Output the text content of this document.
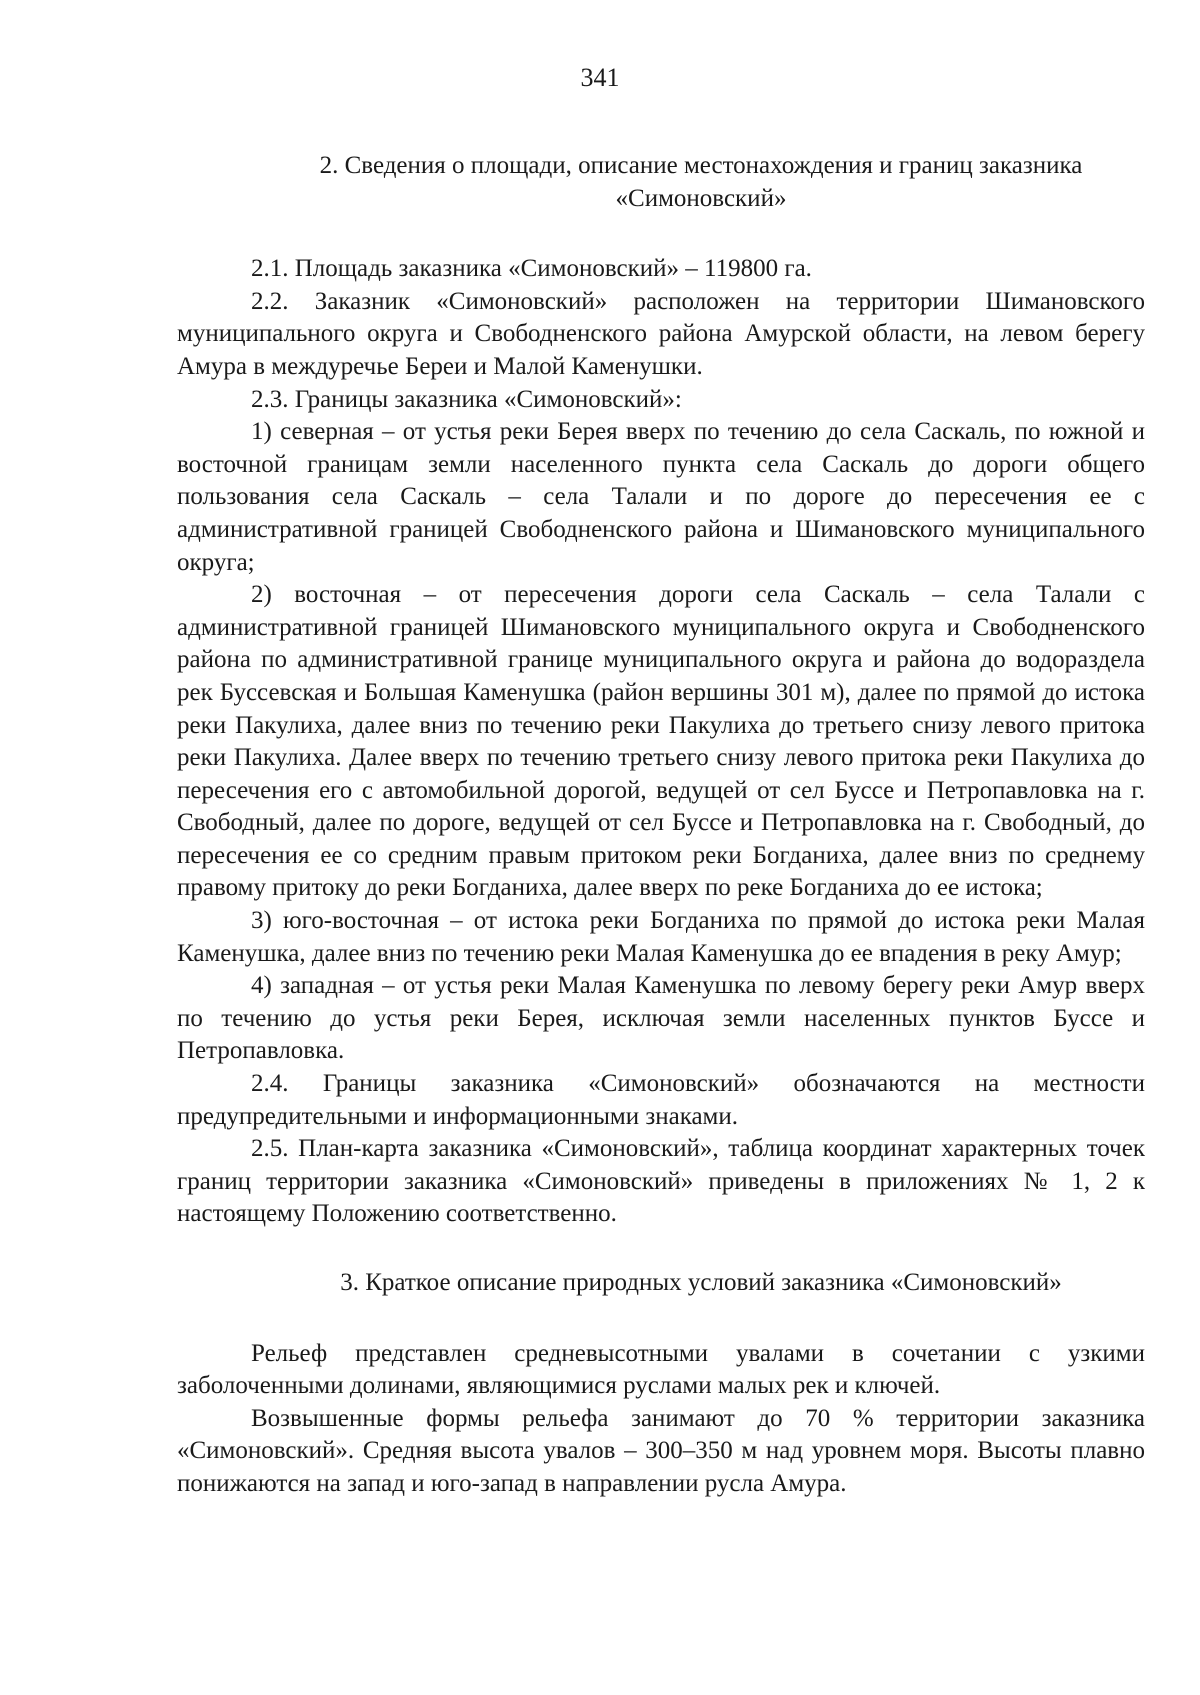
341

2. Сведения о площади, описание местонахождения и границ заказника

«Симоновский»

2.1. Площадь заказника «Симоновский» – 119800 га.

2.2. Заказник «Симоновский» расположен на территории Шимановского муниципального округа и Свободненского района Амурской области, на левом берегу Амура в междуречье Береи и Малой Каменушки.

2.3. Границы заказника «Симоновский»:

1) северная – от устья реки Берея вверх по течению до села Саскаль, по южной и восточной границам земли населенного пункта села Саскаль до дороги общего пользования села Саскаль – села Талали и по дороге до пересечения ее с административной границей Свободненского района и Шимановского муниципального округа;

2) восточная – от пересечения дороги села Саскаль – села Талали с административной границей Шимановского муниципального округа и Свободненского района по административной границе муниципального округа и района до водораздела рек Буссевская и Большая Каменушка (район вершины 301 м), далее по прямой до истока реки Пакулиха, далее вниз по течению реки Пакулиха до третьего снизу левого притока реки Пакулиха. Далее вверх по течению третьего снизу левого притока реки Пакулиха до пересечения его с автомобильной дорогой, ведущей от сел Буссе и Петропавловка на г. Свободный, далее по дороге, ведущей от сел Буссе и Петропавловка на г. Свободный, до пересечения ее со средним правым притоком реки Богданиха, далее вниз по среднему правому притоку до реки Богданиха, далее вверх по реке Богданиха до ее истока;

3) юго-восточная – от истока реки Богданиха по прямой до истока реки Малая Каменушка, далее вниз по течению реки Малая Каменушка до ее впадения в реку Амур;

4) западная – от устья реки Малая Каменушка по левому берегу реки Амур вверх по течению до устья реки Берея, исключая земли населенных пунктов Буссе и Петропавловка.

2.4. Границы заказника «Симоновский» обозначаются на местности предупредительными и информационными знаками.

2.5. План-карта заказника «Симоновский», таблица координат характерных точек границ территории заказника «Симоновский» приведены в приложениях № 1, 2 к настоящему Положению соответственно.

3. Краткое описание природных условий заказника «Симоновский»

Рельеф представлен средневысотными увалами в сочетании с узкими заболоченными долинами, являющимися руслами малых рек и ключей.

Возвышенные формы рельефа занимают до 70 % территории заказника «Симоновский». Средняя высота увалов – 300–350 м над уровнем моря. Высоты плавно понижаются на запад и юго-запад в направлении русла Амура.
